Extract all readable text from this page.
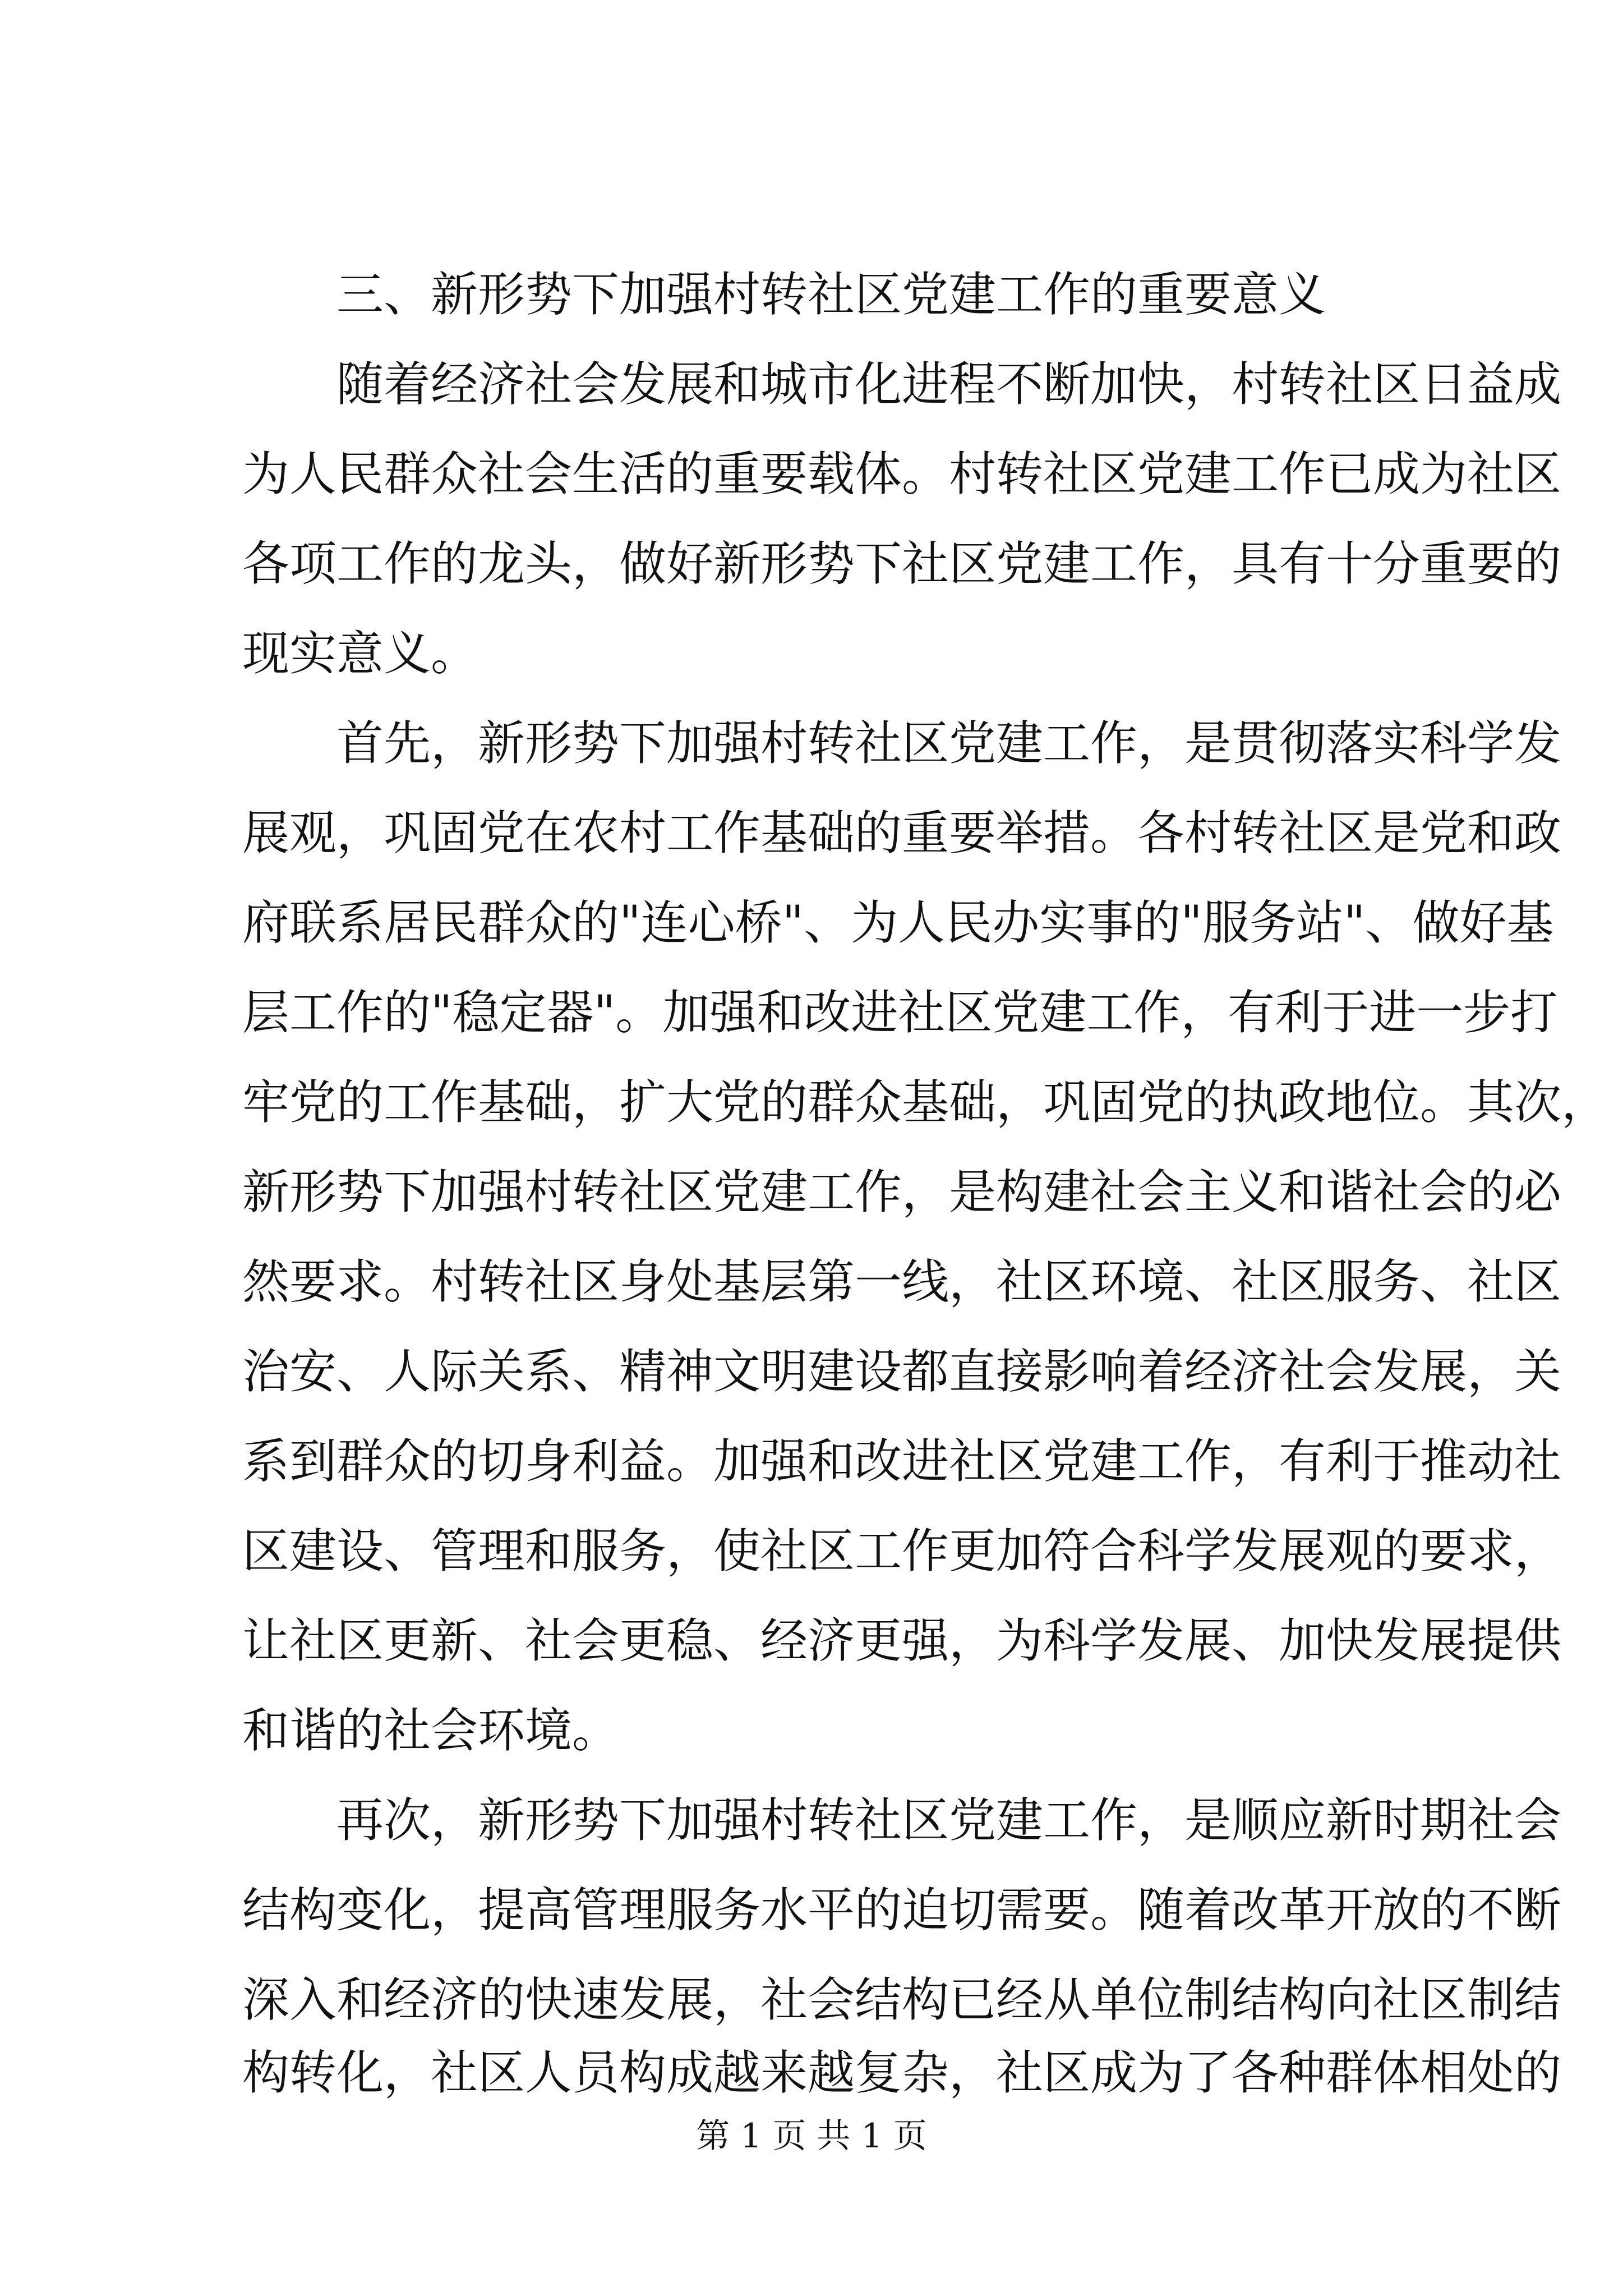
三、新形势下加强村转社区党建工作的重要意义
随着经济社会发展和城市化进程不断加快，村转社区日益成
为人民群众社会生活的重要载体。村转社区党建工作已成为社区
各项工作的龙头，做好新形势下社区党建工作，具有十分重要的
现实意义。
首先，新形势下加强村转社区党建工作，是贯彻落实科学发
展观，巩固党在农村工作基础的重要举措。各村转社区是党和政
府联系居民群众的"连心桥"、为人民办实事的"服务站"、做好基
层工作的"稳定器"。加强和改进社区党建工作，有利于进一步打
牢党的工作基础，扩大党的群众基础，巩固党的执政地位。其次，
新形势下加强村转社区党建工作，是构建社会主义和谐社会的必
然要求。村转社区身处基层第一线，社区环境、社区服务、社区
治安、人际关系、精神文明建设都直接影响着经济社会发展，关
系到群众的切身利益。加强和改进社区党建工作，有利于推动社
区建设、管理和服务，使社区工作更加符合科学发展观的要求，
让社区更新、社会更稳、经济更强，为科学发展、加快发展提供
和谐的社会环境。
再次，新形势下加强村转社区党建工作，是顺应新时期社会
结构变化，提高管理服务水平的迫切需要。随着改革开放的不断
深入和经济的快速发展，社会结构已经从单位制结构向社区制结
构转化，社区人员构成越来越复杂，社区成为了各种群体相处的
第 1 页 共 1 页
